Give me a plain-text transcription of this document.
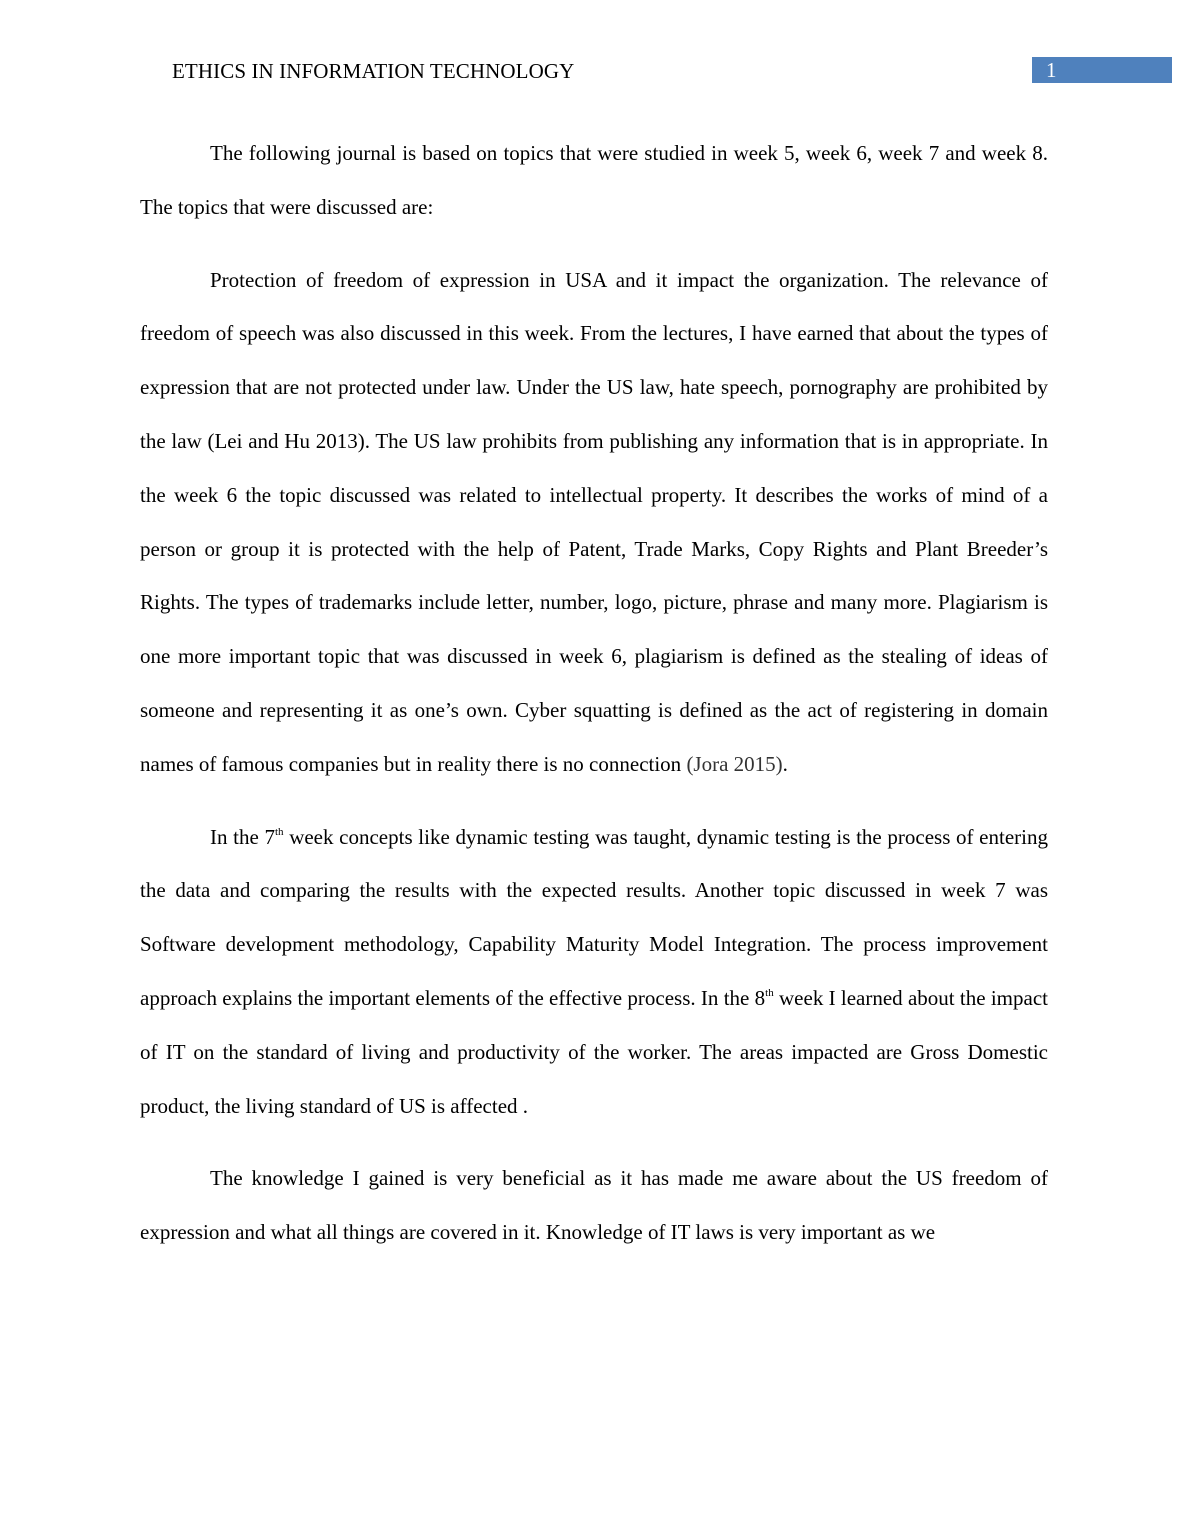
ETHICS IN INFORMATION TECHNOLOGY	1

The following journal is based on topics that were studied in week 5, week 6, week 7 and week 8. The topics that were discussed are:

Protection of freedom of expression in USA and it impact the organization. The relevance of freedom of speech was also discussed in this week. From the lectures, I have earned that about the types of expression that are not protected under law. Under the US law, hate speech, pornography are prohibited by the law (Lei and Hu 2013). The US law prohibits from publishing any information that is in appropriate. In the week 6 the topic discussed was related to intellectual property. It describes the works of mind of a person or group it is protected with the help of Patent, Trade Marks, Copy Rights and Plant Breeder’s Rights. The types of trademarks include letter, number, logo, picture, phrase and many more. Plagiarism is one more important topic that was discussed in week 6, plagiarism is defined as the stealing of ideas of someone and representing it as one’s own. Cyber squatting is defined as the act of registering in domain names of famous companies but in reality there is no connection (Jora 2015).

In the 7th week concepts like dynamic testing was taught, dynamic testing is the process of entering the data and comparing the results with the expected results. Another topic discussed in week 7 was Software development methodology, Capability Maturity Model Integration. The process improvement approach explains the important elements of the effective process. In the 8th week I learned about the impact of IT on the standard of living and productivity of the worker. The areas impacted are Gross Domestic product, the living standard of US is affected .

The knowledge I gained is very beneficial as it has made me aware about the US freedom of expression and what all things are covered in it. Knowledge of IT laws is very important as we
